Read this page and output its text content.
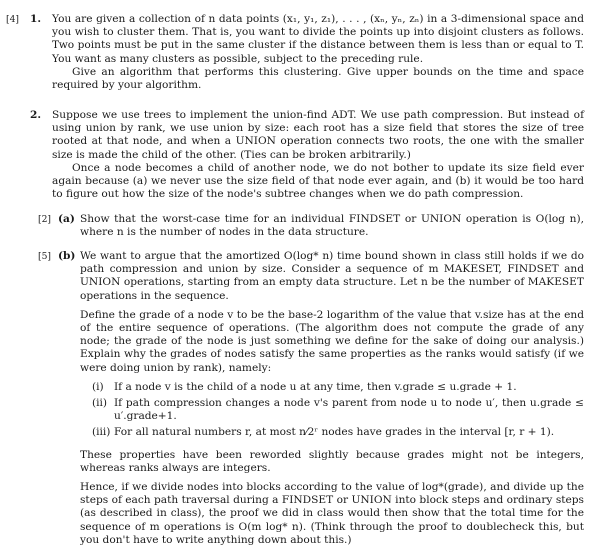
[4] 1. You are given a collection of n data points (x₁, y₁, z₁), . . . , (xₙ, yₙ, zₙ) in a 3-dimensional space and you wish to cluster them. That is, you want to divide the points up into disjoint clusters as follows. Two points must be put in the same cluster if the distance between them is less than or equal to T. You want as many clusters as possible, subject to the preceding rule.

Give an algorithm that performs this clustering. Give upper bounds on the time and space required by your algorithm.

2. Suppose we use trees to implement the union-find ADT. We use path compression. But instead of using union by rank, we use union by size: each root has a size field that stores the size of tree rooted at that node, and when a UNION operation connects two roots, the one with the smaller size is made the child of the other. (Ties can be broken arbitrarily.)

Once a node becomes a child of another node, we do not bother to update its size field ever again because (a) we never use the size field of that node ever again, and (b) it would be too hard to figure out how the size of the node's subtree changes when we do path compression.

[2] (a) Show that the worst-case time for an individual FINDSET or UNION operation is O(log n), where n is the number of nodes in the data structure.

[5] (b) We want to argue that the amortized O(log* n) time bound shown in class still holds if we do path compression and union by size. Consider a sequence of m MAKESET, FINDSET and UNION operations, starting from an empty data structure. Let n be the number of MAKESET operations in the sequence.

Define the grade of a node v to be the base-2 logarithm of the value that v.size has at the end of the entire sequence of operations. (The algorithm does not compute the grade of any node; the grade of the node is just something we define for the sake of doing our analysis.) Explain why the grades of nodes satisfy the same properties as the ranks would satisfy (if we were doing union by rank), namely:

(i) If a node v is the child of a node u at any time, then v.grade ≤ u.grade + 1.
(ii) If path compression changes a node v's parent from node u to node u′, then u.grade ≤ u′.grade+1.
(iii) For all natural numbers r, at most n⁄2ʳ nodes have grades in the interval [r, r + 1).

These properties have been reworded slightly because grades might not be integers, whereas ranks always are integers.

Hence, if we divide nodes into blocks according to the value of log*(grade), and divide up the steps of each path traversal during a FINDSET or UNION into block steps and ordinary steps (as described in class), the proof we did in class would then show that the total time for the sequence of m operations is O(m log* n). (Think through the proof to doublecheck this, but you don't have to write anything down about this.)
